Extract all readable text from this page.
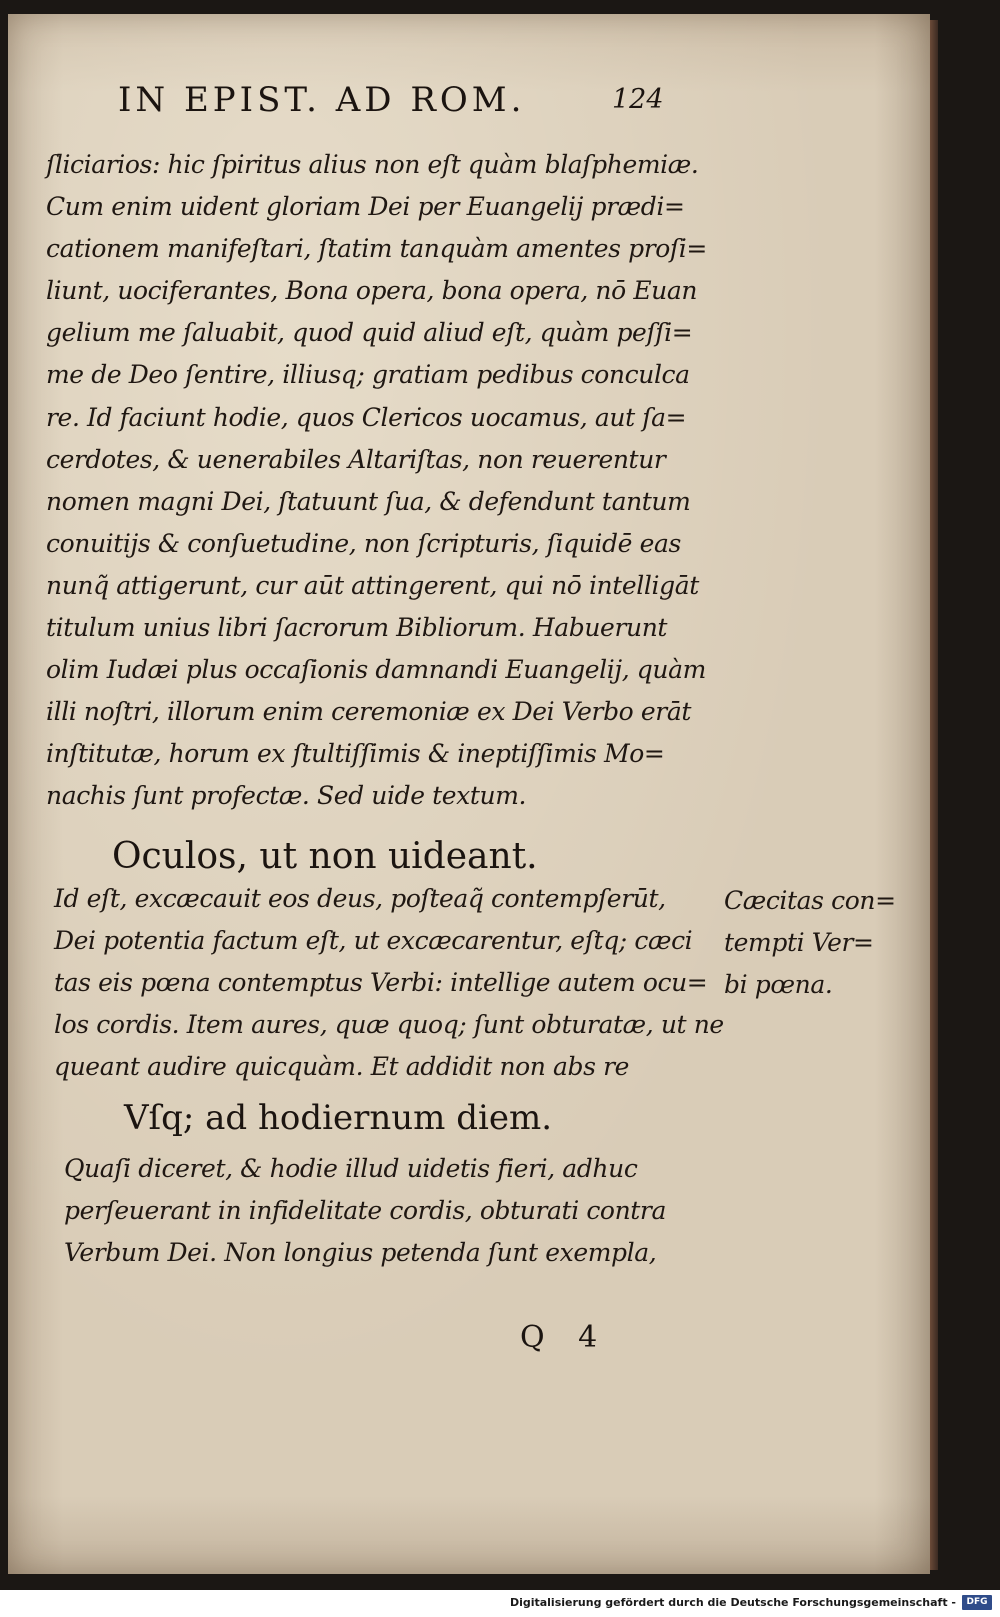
IN EPIST. AD ROM.	124
ſliciarios: hic ſpiritus alius non eſt quàm blaſphemiæ.
Cum enim uident gloriam Dei per Euangelij prædi=
cationem manifeſtari, ſtatim tanquàm amentes proſi=
liunt, uociferantes, Bona opera, bona opera, nō Euan
gelium me ſaluabit, quod quid aliud eſt, quàm peſſi=
me de Deo ſentire, illiusq; gratiam pedibus conculca
re. Id faciunt hodie, quos Clericos uocamus, aut ſa=
cerdotes, & uenerabiles Altariſtas, non reuerentur
nomen magni Dei, ſtatuunt ſua, & defendunt tantum
conuitijs & conſuetudine, non ſcripturis, ſiquidē eas
nunq̃ attigerunt, cur aūt attingerent, qui nō intelligāt
titulum unius libri ſacrorum Bibliorum. Habuerunt
olim Iudæi plus occaſionis damnandi Euangelij, quàm
illi noſtri, illorum enim ceremoniæ ex Dei Verbo erāt
inſtitutæ, horum ex ſtultiſſimis & ineptiſſimis Mo=
nachis ſunt profectæ. Sed uide textum.
Oculos, ut non uideant.
Id eſt, excæcauit eos deus, poſteaq̃ contempſerūt,
Dei potentia factum eſt, ut excæcarentur, eſtq; cæci
tas eis pœna contemptus Verbi: intellige autem ocu=
los cordis. Item aures, quæ quoq; ſunt obturatæ, ut ne
queant audire quicquàm. Et addidit non abs re
Cæcitas con=
tempti Ver=
bi pœna.
Vſq; ad hodiernum diem.
Quaſi diceret, & hodie illud uidetis fieri, adhuc
perſeuerant in infidelitate cordis, obturati contra
Verbum Dei. Non longius petenda ſunt exempla,
Q 4
Digitalisierung gefördert durch die Deutsche Forschungsgemeinschaft -	DFG
